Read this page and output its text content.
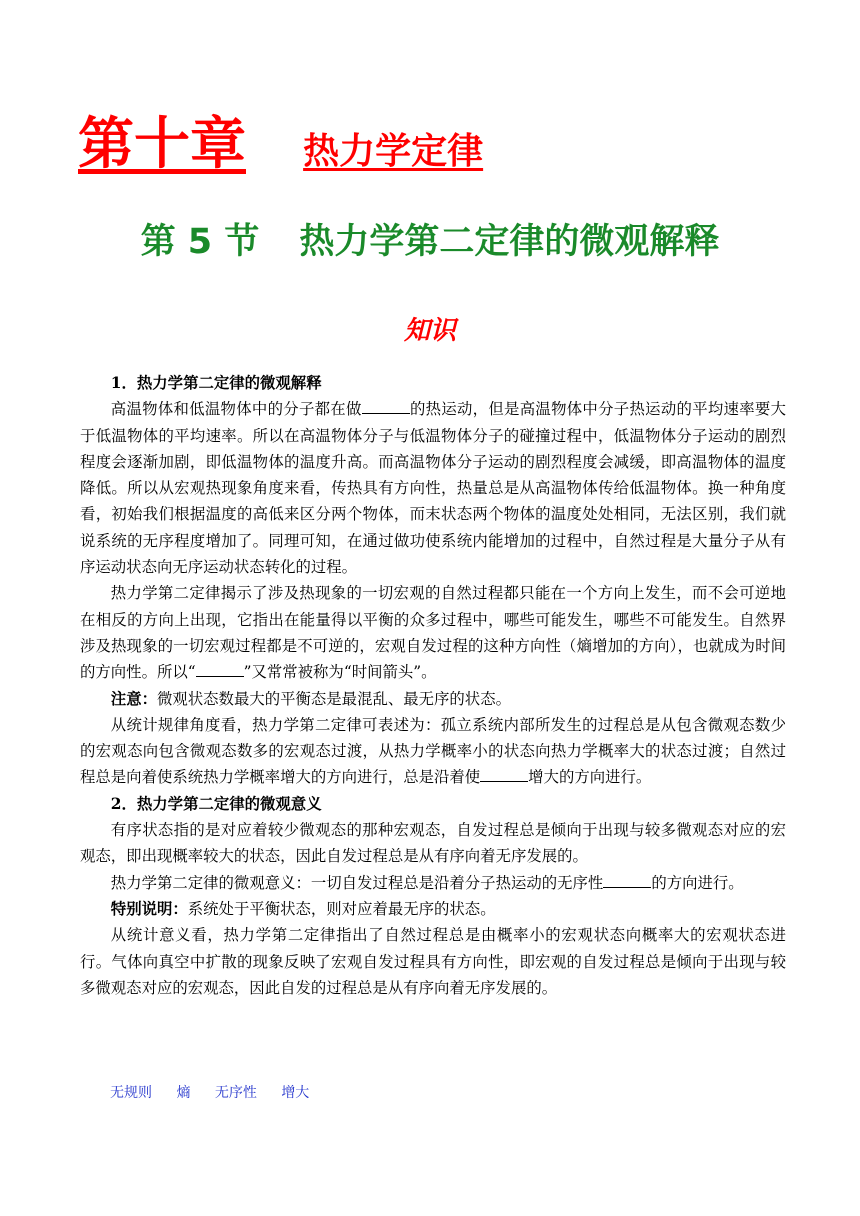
第十章 热力学定律
第 5 节 热力学第二定律的微观解释
知识

1．热力学第二定律的微观解释

高温物体和低温物体中的分子都在做	的热运动，但是高温物体中分子热运动的平均速率要大于低温物体的平均速率。所以在高温物体分子与低温物体分子的碰撞过程中，低温物体分子运动的剧烈程度会逐渐加剧，即低温物体的温度升高。而高温物体分子运动的剧烈程度会减缓，即高温物体的温度降低。所以从宏观热现象角度来看，传热具有方向性，热量总是从高温物体传给低温物体。换一种角度看，初始我们根据温度的高低来区分两个物体，而末状态两个物体的温度处处相同，无法区别，我们就说系统的无序程度增加了。同理可知，在通过做功使系统内能增加的过程中，自然过程是大量分子从有序运动状态向无序运动状态转化的过程。

热力学第二定律揭示了涉及热现象的一切宏观的自然过程都只能在一个方向上发生，而不会可逆地在相反的方向上出现，它指出在能量得以平衡的众多过程中，哪些可能发生，哪些不可能发生。自然界涉及热现象的一切宏观过程都是不可逆的，宏观自发过程的这种方向性（熵增加的方向），也就成为时间的方向性。所以“	”又常常被称为“时间箭头”。

注意：微观状态数最大的平衡态是最混乱、最无序的状态。

从统计规律角度看，热力学第二定律可表述为：孤立系统内部所发生的过程总是从包含微观态数少的宏观态向包含微观态数多的宏观态过渡，从热力学概率小的状态向热力学概率大的状态过渡；自然过程总是向着使系统热力学概率增大的方向进行，总是沿着使	增大的方向进行。

2．热力学第二定律的微观意义

有序状态指的是对应着较少微观态的那种宏观态，自发过程总是倾向于出现与较多微观态对应的宏观态，即出现概率较大的状态，因此自发过程总是从有序向着无序发展的。

热力学第二定律的微观意义：一切自发过程总是沿着分子热运动的无序性	的方向进行。

特别说明：系统处于平衡状态，则对应着最无序的状态。

从统计意义看，热力学第二定律指出了自然过程总是由概率小的宏观状态向概率大的宏观状态进行。气体向真空中扩散的现象反映了宏观自发过程具有方向性，即宏观的自发过程总是倾向于出现与较多微观态对应的宏观态，因此自发的过程总是从有序向着无序发展的。

无规则 熵 无序性 增大
